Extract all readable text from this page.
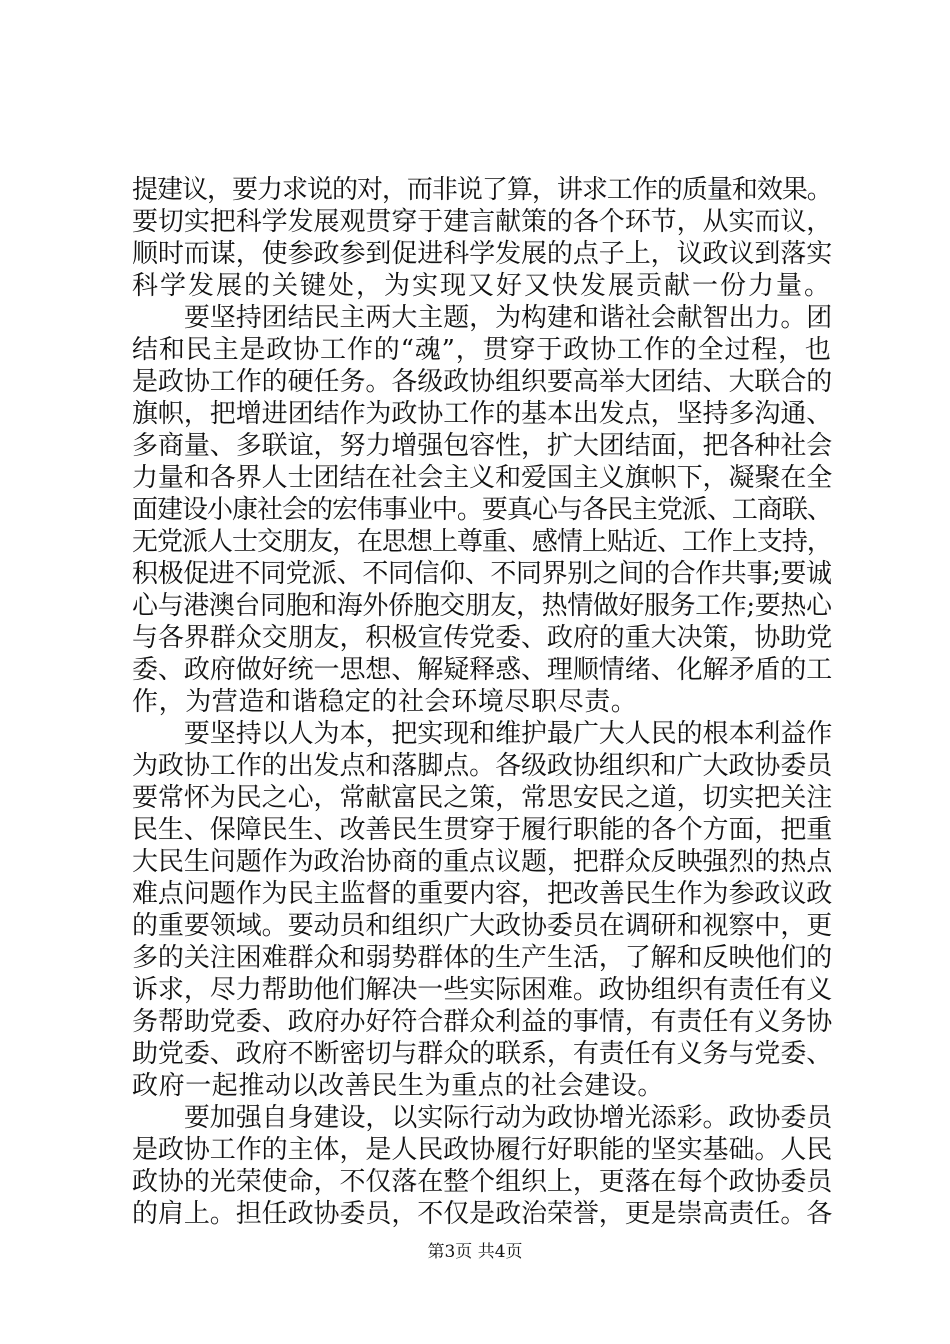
提建议，要力求说的对，而非说了算，讲求工作的质量和效果。
要切实把科学发展观贯穿于建言献策的各个环节，从实而议，
顺时而谋，使参政参到促进科学发展的点子上，议政议到落实
科学发展的关键处，为实现又好又快发展贡献一份力量。
　　要坚持团结民主两大主题，为构建和谐社会献智出力。团
结和民主是政协工作的“魂”，贯穿于政协工作的全过程，也
是政协工作的硬任务。各级政协组织要高举大团结、大联合的
旗帜，把增进团结作为政协工作的基本出发点，坚持多沟通、
多商量、多联谊，努力增强包容性，扩大团结面，把各种社会
力量和各界人士团结在社会主义和爱国主义旗帜下，凝聚在全
面建设小康社会的宏伟事业中。要真心与各民主党派、工商联、
无党派人士交朋友，在思想上尊重、感情上贴近、工作上支持，
积极促进不同党派、不同信仰、不同界别之间的合作共事;要诚
心与港澳台同胞和海外侨胞交朋友，热情做好服务工作;要热心
与各界群众交朋友，积极宣传党委、政府的重大决策，协助党
委、政府做好统一思想、解疑释惑、理顺情绪、化解矛盾的工
作，为营造和谐稳定的社会环境尽职尽责。
　　要坚持以人为本，把实现和维护最广大人民的根本利益作
为政协工作的出发点和落脚点。各级政协组织和广大政协委员
要常怀为民之心，常献富民之策，常思安民之道，切实把关注
民生、保障民生、改善民生贯穿于履行职能的各个方面，把重
大民生问题作为政治协商的重点议题，把群众反映强烈的热点
难点问题作为民主监督的重要内容，把改善民生作为参政议政
的重要领域。要动员和组织广大政协委员在调研和视察中，更
多的关注困难群众和弱势群体的生产生活，了解和反映他们的
诉求，尽力帮助他们解决一些实际困难。政协组织有责任有义
务帮助党委、政府办好符合群众利益的事情，有责任有义务协
助党委、政府不断密切与群众的联系，有责任有义务与党委、
政府一起推动以改善民生为重点的社会建设。
　　要加强自身建设，以实际行动为政协增光添彩。政协委员
是政协工作的主体，是人民政协履行好职能的坚实基础。人民
政协的光荣使命，不仅落在整个组织上，更落在每个政协委员
的肩上。担任政协委员，不仅是政治荣誉，更是崇高责任。各
第3页 共4页
